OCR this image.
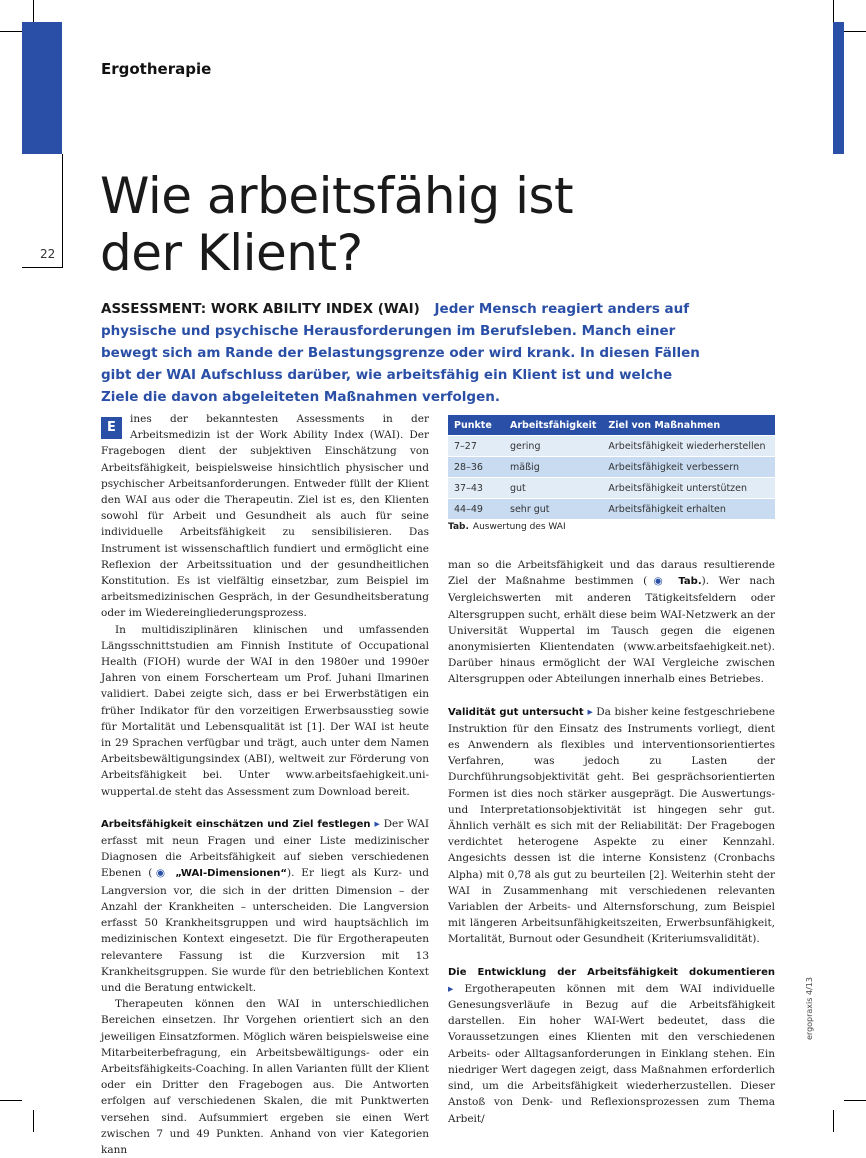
Ergotherapie
22
Wie arbeitsfähig ist
der Klient?

ASSESSMENT: WORK ABILITY INDEX (WAI) Jeder Mensch reagiert anders auf physische und psychische Herausforderungen im Berufsleben. Manch einer bewegt sich am Rande der Belastungsgrenze oder wird krank. In diesen Fällen gibt der WAI Aufschluss darüber, wie arbeitsfähig ein Klient ist und welche Ziele die davon abgeleiteten Maßnahmen verfolgen.

E
ines der bekanntesten Assessments in der Arbeitsmedizin ist der Work Ability Index (WAI). Der Fragebogen dient der subjektiven Einschätzung von Arbeitsfähigkeit, beispielsweise hinsichtlich physischer und psychischer Arbeitsanforderungen. Entweder füllt der Klient den WAI aus oder die Therapeutin. Ziel ist es, den Klienten sowohl für Arbeit und Gesundheit als auch für seine individuelle Arbeitsfähigkeit zu sensibilisieren. Das Instrument ist wissenschaftlich fundiert und ermöglicht eine Reflexion der Arbeitssituation und der gesundheitlichen Konstitution. Es ist vielfältig einsetzbar, zum Beispiel im arbeitsmedizinischen Gespräch, in der Gesundheitsberatung oder im Wiedereingliederungsprozess.

In multidisziplinären klinischen und umfassenden Längsschnittstudien am Finnish Institute of Occupational Health (FIOH) wurde der WAI in den 1980er und 1990er Jahren von einem Forscherteam um Prof. Juhani Ilmarinen validiert. Dabei zeigte sich, dass er bei Erwerbstätigen ein früher Indikator für den vorzeitigen Erwerbsausstieg sowie für Mortalität und Lebensqualität ist [1]. Der WAI ist heute in 29 Sprachen verfügbar und trägt, auch unter dem Namen Arbeitsbewältigungsindex (ABI), weltweit zur Förderung von Arbeitsfähigkeit bei. Unter www.arbeitsfaehigkeit.uni-wuppertal.de steht das Assessment zum Download bereit.

Arbeitsfähigkeit einschätzen und Ziel festlegen ▸ Der WAI erfasst mit neun Fragen und einer Liste medizinischer Diagnosen die Arbeitsfähigkeit auf sieben verschiedenen Ebenen (◉ „WAI-Dimensionen“). Er liegt als Kurz- und Langversion vor, die sich in der dritten Dimension – der Anzahl der Krankheiten – unterscheiden. Die Langversion erfasst 50 Krankheitsgruppen und wird hauptsächlich im medizinischen Kontext eingesetzt. Die für Ergotherapeuten relevantere Fassung ist die Kurzversion mit 13 Krankheitsgruppen. Sie wurde für den betrieblichen Kontext und die Beratung entwickelt.

Therapeuten können den WAI in unterschiedlichen Bereichen einsetzen. Ihr Vorgehen orientiert sich an den jeweiligen Einsatzformen. Möglich wären beispielsweise eine Mitarbeiterbefragung, ein Arbeitsbewältigungs- oder ein Arbeitsfähigkeits-Coaching. In allen Varianten füllt der Klient oder ein Dritter den Fragebogen aus. Die Antworten erfolgen auf verschiedenen Skalen, die mit Punktwerten versehen sind. Aufsummiert ergeben sie einen Wert zwischen 7 und 49 Punkten. Anhand von vier Kategorien kann

Punkte	Arbeitsfähigkeit	Ziel von Maßnahmen
7–27	gering	Arbeitsfähigkeit wiederherstellen
28–36	mäßig	Arbeitsfähigkeit verbessern
37–43	gut	Arbeitsfähigkeit unterstützen
44–49	sehr gut	Arbeitsfähigkeit erhalten
Tab. Auswertung des WAI

man so die Arbeitsfähigkeit und das daraus resultierende Ziel der Maßnahme bestimmen (◉ Tab.). Wer nach Vergleichswerten mit anderen Tätigkeitsfeldern oder Altersgruppen sucht, erhält diese beim WAI-Netzwerk an der Universität Wuppertal im Tausch gegen die eigenen anonymisierten Klientendaten (www.arbeitsfaehigkeit.net). Darüber hinaus ermöglicht der WAI Vergleiche zwischen Altersgruppen oder Abteilungen innerhalb eines Betriebes.

Validität gut untersucht ▸ Da bisher keine festgeschriebene Instruktion für den Einsatz des Instruments vorliegt, dient es Anwendern als flexibles und interventionsorientiertes Verfahren, was jedoch zu Lasten der Durchführungsobjektivität geht. Bei gesprächsorientierten Formen ist dies noch stärker ausgeprägt. Die Auswertungs- und Interpretationsobjektivität ist hingegen sehr gut. Ähnlich verhält es sich mit der Reliabilität: Der Fragebogen verdichtet heterogene Aspekte zu einer Kennzahl. Angesichts dessen ist die interne Konsistenz (Cronbachs Alpha) mit 0,78 als gut zu beurteilen [2]. Weiterhin steht der WAI in Zusammenhang mit verschiedenen relevanten Variablen der Arbeits- und Alternsforschung, zum Beispiel mit längeren Arbeitsunfähigkeitszeiten, Erwerbsunfähigkeit, Mortalität, Burnout oder Gesundheit (Kriteriumsvalidität).

Die Entwicklung der Arbeitsfähigkeit dokumentieren ▸ Ergotherapeuten können mit dem WAI individuelle Genesungsverläufe in Bezug auf die Arbeitsfähigkeit darstellen. Ein hoher WAI-Wert bedeutet, dass die Voraussetzungen eines Klienten mit den verschiedenen Arbeits- oder Alltagsanforderungen in Einklang stehen. Ein niedriger Wert dagegen zeigt, dass Maßnahmen erforderlich sind, um die Arbeitsfähigkeit wiederherzustellen. Dieser Anstoß von Denk- und Reflexionsprozessen zum Thema Arbeit/

ergopraxis 4/13
